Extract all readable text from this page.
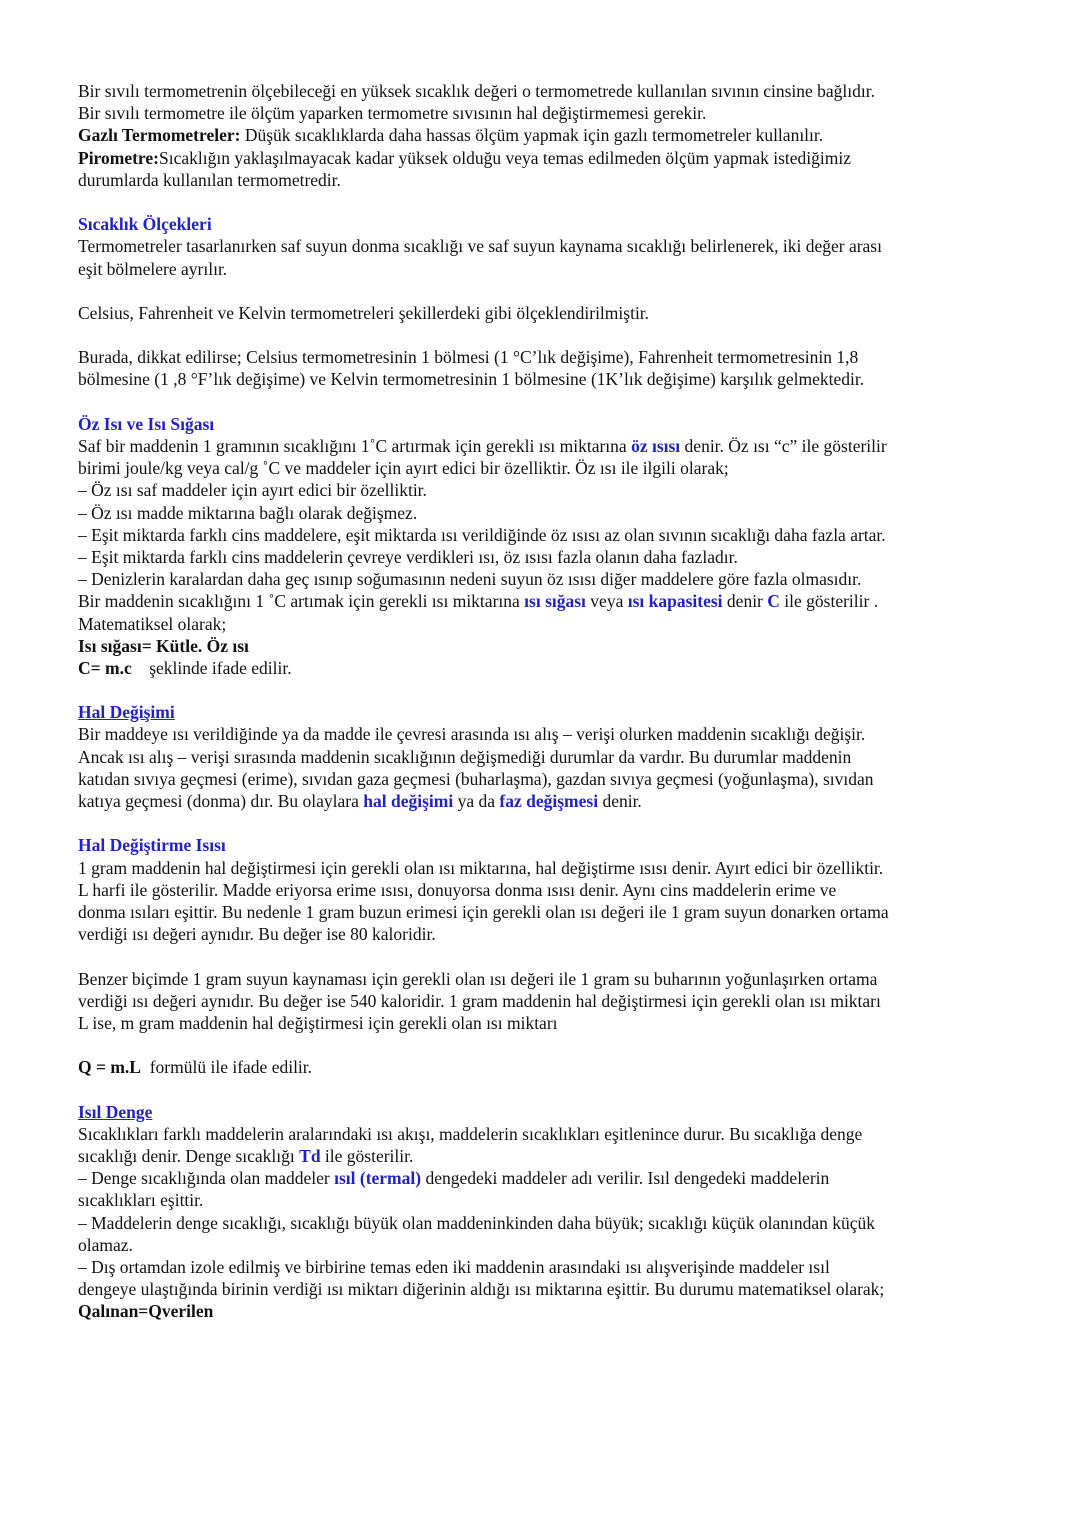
Bir sıvılı termometrenin ölçebileceği en yüksek sıcaklık değeri o termometrede kullanılan sıvının cinsine bağlıdır.
Bir sıvılı termometre ile ölçüm yaparken termometre sıvısının hal değiştirmemesi gerekir.
Gazlı Termometreler: Düşük sıcaklıklarda daha hassas ölçüm yapmak için gazlı termometreler kullanılır.
Pirometre:Sıcaklığın yaklaşılmayacak kadar yüksek olduğu veya temas edilmeden ölçüm yapmak istediğimiz
durumlarda kullanılan termometredir.
Sıcaklık Ölçekleri
Termometreler tasarlanırken saf suyun donma sıcaklığı ve saf suyun kaynama sıcaklığı belirlenerek, iki değer arası
eşit bölmelere ayrılır.
Celsius, Fahrenheit ve Kelvin termometreleri şekillerdeki gibi ölçeklendirilmiştir.
Burada, dikkat edilirse; Celsius termometresinin 1 bölmesi (1 °C’lık değişime), Fahrenheit termometresinin 1,8
bölmesine (1 ,8 °F’lık değişime) ve Kelvin termometresinin 1 bölmesine (1K’lık değişime) karşılık gelmektedir.
Öz Isı ve Isı Sığası
Saf bir maddenin 1 gramının sıcaklığını 1˚C artırmak için gerekli ısı miktarına öz ısısı denir. Öz ısı “c” ile gösterilir
birimi joule/kg veya cal/g ˚C ve maddeler için ayırt edici bir özelliktir. Öz ısı ile ilgili olarak;
– Öz ısı saf maddeler için ayırt edici bir özelliktir.
– Öz ısı madde miktarına bağlı olarak değişmez.
– Eşit miktarda farklı cins maddelere, eşit miktarda ısı verildiğinde öz ısısı az olan sıvının sıcaklığı daha fazla artar.
– Eşit miktarda farklı cins maddelerin çevreye verdikleri ısı, öz ısısı fazla olanın daha fazladır.
– Denizlerin karalardan daha geç ısınıp soğumasının nedeni suyun öz ısısı diğer maddelere göre fazla olmasıdır.
Bir maddenin sıcaklığını 1 ˚C artımak için gerekli ısı miktarına ısı sığası veya ısı kapasitesi denir C ile gösterilir .
Matematiksel olarak;
Isı sığası= Kütle. Öz ısı
C= m.c    şeklinde ifade edilir.
Hal Değişimi
Bir maddeye ısı verildiğinde ya da madde ile çevresi arasında ısı alış – verişi olurken maddenin sıcaklığı değişir.
Ancak ısı alış – verişi sırasında maddenin sıcaklığının değişmediği durumlar da vardır. Bu durumlar maddenin
katıdan sıvıya geçmesi (erime), sıvıdan gaza geçmesi (buharlaşma), gazdan sıvıya geçmesi (yoğunlaşma), sıvıdan
katıya geçmesi (donma) dır. Bu olaylara hal değişimi ya da faz değişmesi denir.
Hal Değiştirme Isısı
1 gram maddenin hal değiştirmesi için gerekli olan ısı miktarına, hal değiştirme ısısı denir. Ayırt edici bir özelliktir.
L harfi ile gösterilir. Madde eriyorsa erime ısısı, donuyorsa donma ısısı denir. Aynı cins maddelerin erime ve
donma ısıları eşittir. Bu nedenle 1 gram buzun erimesi için gerekli olan ısı değeri ile 1 gram suyun donarken ortama
verdiği ısı değeri aynıdır. Bu değer ise 80 kaloridir.
Benzer biçimde 1 gram suyun kaynaması için gerekli olan ısı değeri ile 1 gram su buharının yoğunlaşırken ortama
verdiği ısı değeri aynıdır. Bu değer ise 540 kaloridir. 1 gram maddenin hal değiştirmesi için gerekli olan ısı miktarı
L ise, m gram maddenin hal değiştirmesi için gerekli olan ısı miktarı
Q = m.L  formülü ile ifade edilir.
Isıl Denge
Sıcaklıkları farklı maddelerin aralarındaki ısı akışı, maddelerin sıcaklıkları eşitlenince durur. Bu sıcaklığa denge
sıcaklığı denir. Denge sıcaklığı Td ile gösterilir.
– Denge sıcaklığında olan maddeler ısıl (termal) dengedeki maddeler adı verilir. Isıl dengedeki maddelerin
sıcaklıkları eşittir.
– Maddelerin denge sıcaklığı, sıcaklığı büyük olan maddeninkinden daha büyük; sıcaklığı küçük olanından küçük
olamaz.
– Dış ortamdan izole edilmiş ve birbirine temas eden iki maddenin arasındaki ısı alışverişinde maddeler ısıl
dengeye ulaştığında birinin verdiği ısı miktarı diğerinin aldığı ısı miktarına eşittir. Bu durumu matematiksel olarak;
Qalınan=Qverilen
